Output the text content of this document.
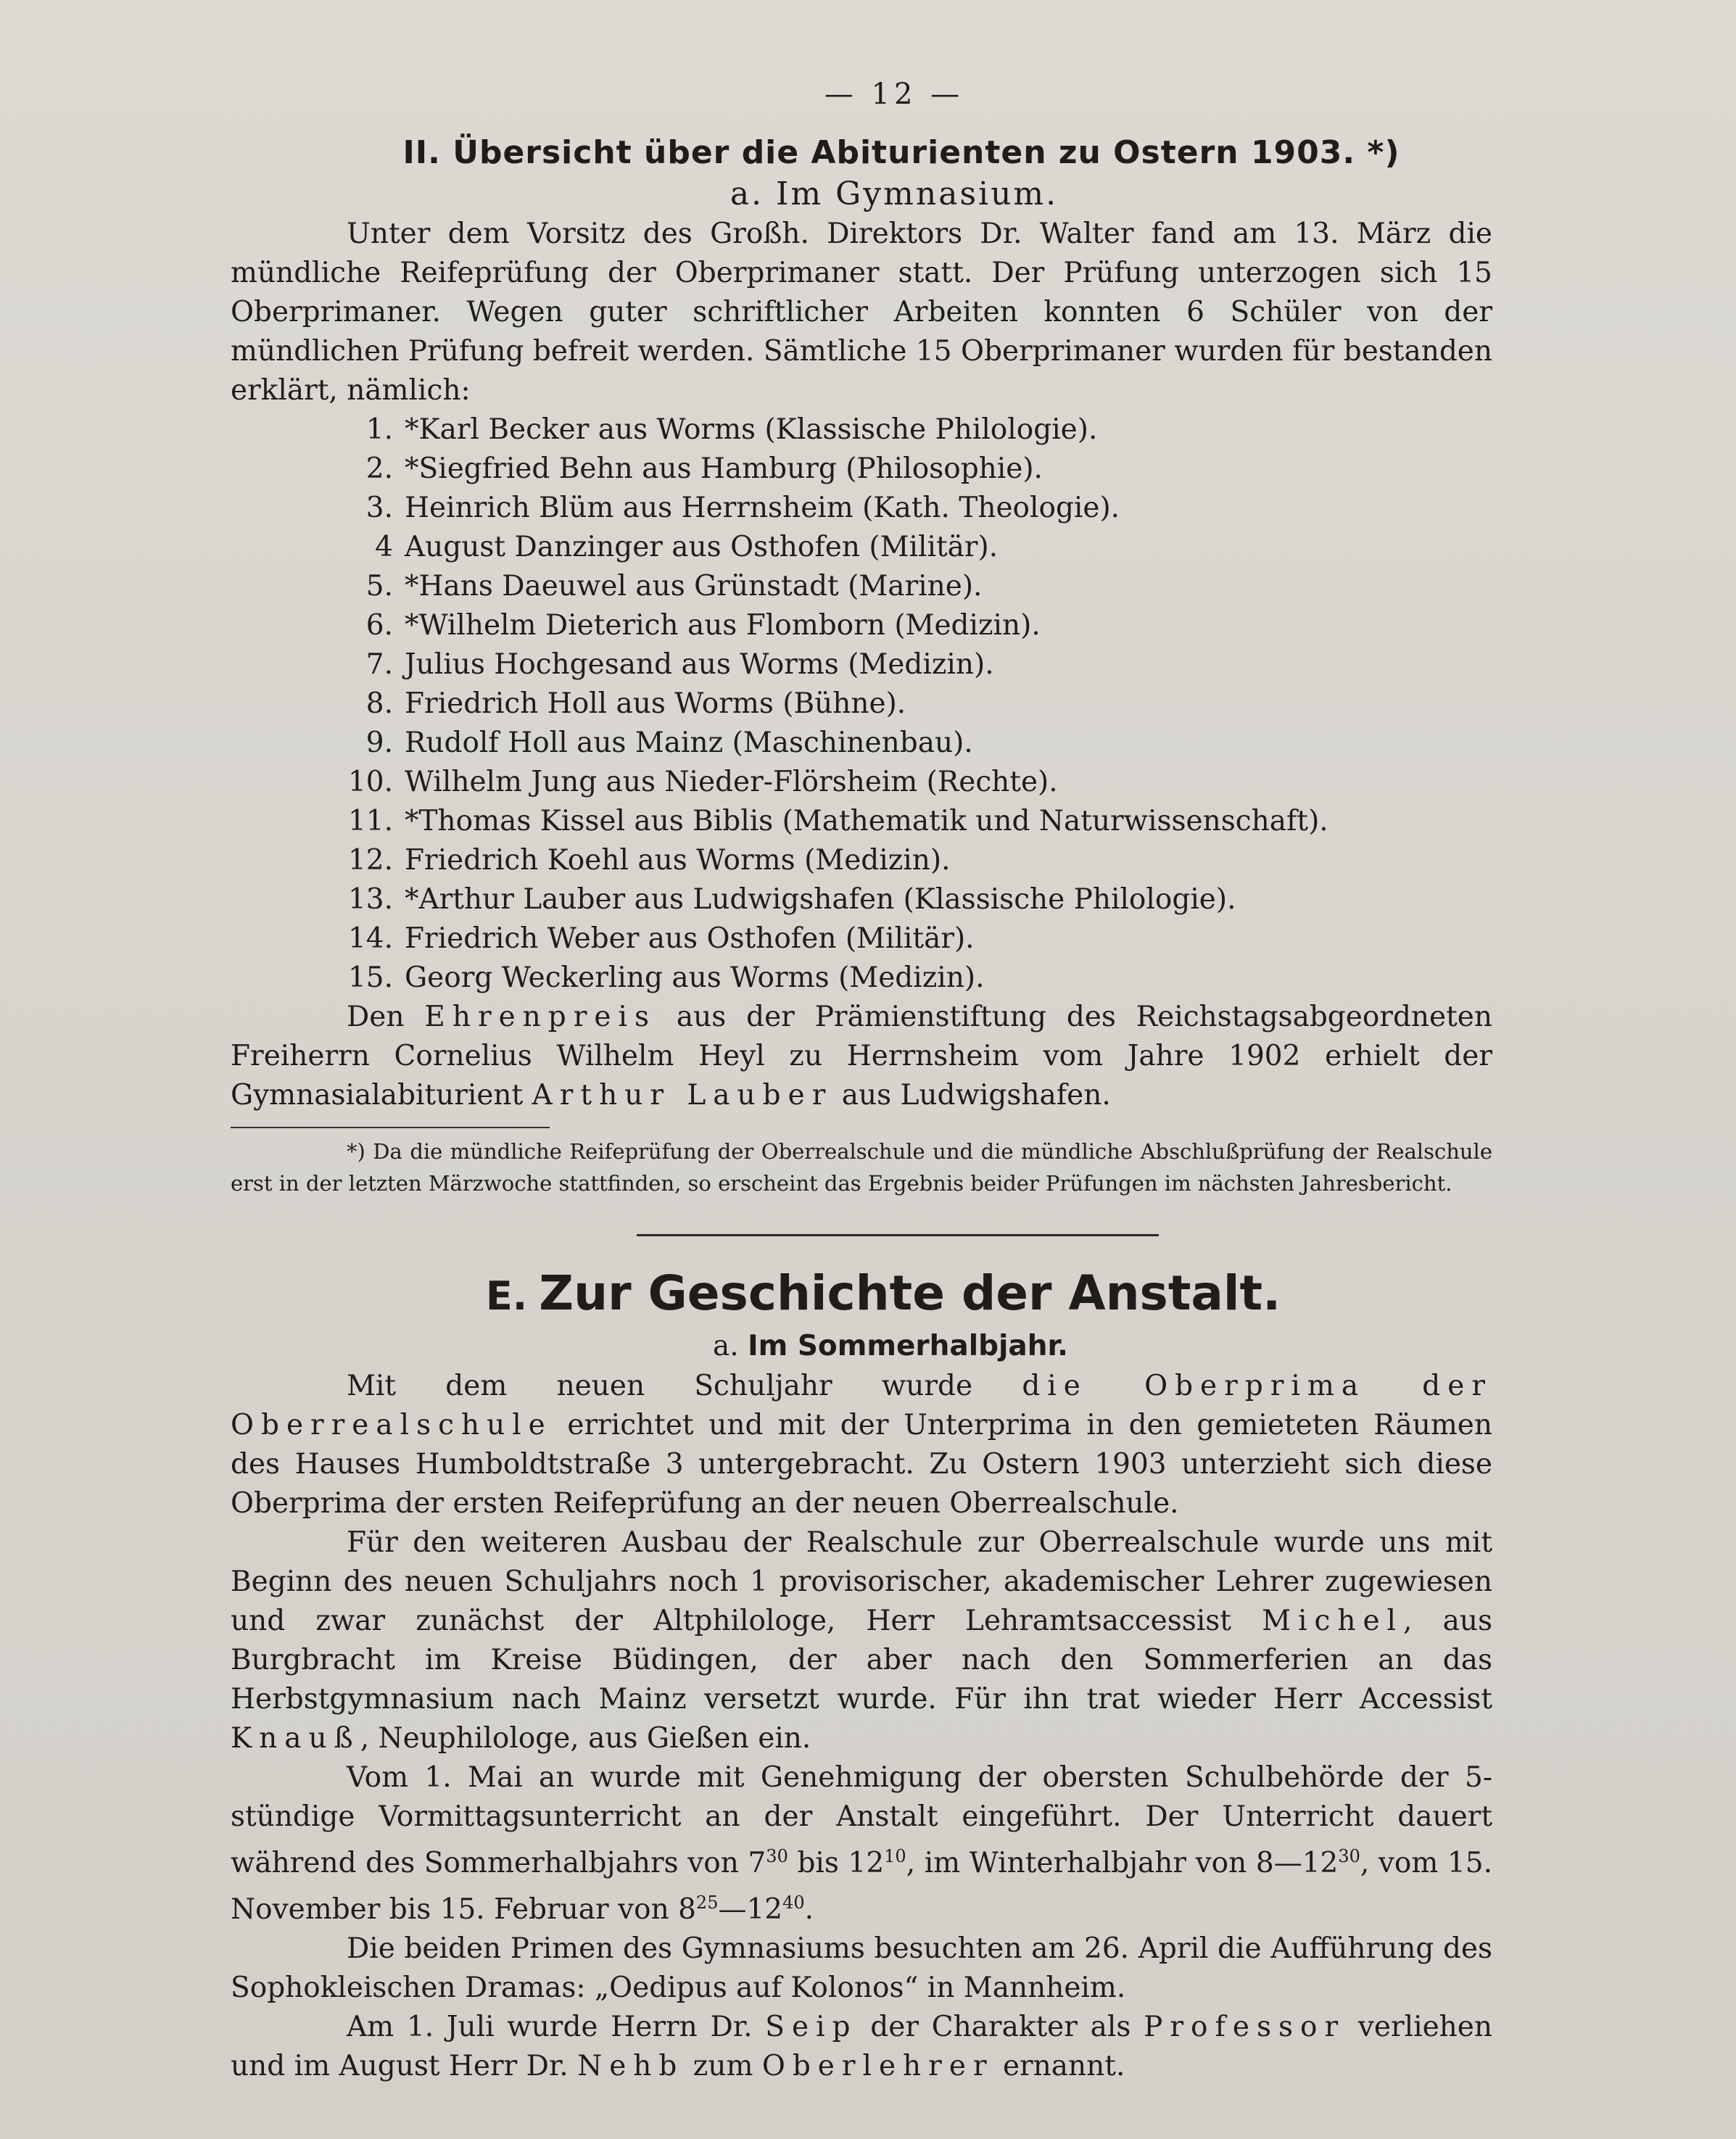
— 12 —
II. Übersicht über die Abiturienten zu Ostern 1903. *)
a. Im Gymnasium.

Unter dem Vorsitz des Großh. Direktors Dr. Walter fand am 13. März die mündliche Reifeprüfung der Oberprimaner statt. Der Prüfung unterzogen sich 15 Oberprimaner. Wegen guter schriftlicher Arbeiten konnten 6 Schüler von der mündlichen Prüfung befreit werden. Sämtliche 15 Oberprimaner wurden für bestanden erklärt, nämlich:

1. *Karl Becker aus Worms (Klassische Philologie).
2. *Siegfried Behn aus Hamburg (Philosophie).
3. Heinrich Blüm aus Herrnsheim (Kath. Theologie).
4 August Danzinger aus Osthofen (Militär).
5. *Hans Daeuwel aus Grünstadt (Marine).
6. *Wilhelm Dieterich aus Flomborn (Medizin).
7. Julius Hochgesand aus Worms (Medizin).
8. Friedrich Holl aus Worms (Bühne).
9. Rudolf Holl aus Mainz (Maschinenbau).
10. Wilhelm Jung aus Nieder-Flörsheim (Rechte).
11. *Thomas Kissel aus Biblis (Mathematik und Naturwissenschaft).
12. Friedrich Koehl aus Worms (Medizin).
13. *Arthur Lauber aus Ludwigshafen (Klassische Philologie).
14. Friedrich Weber aus Osthofen (Militär).
15. Georg Weckerling aus Worms (Medizin).

Den Ehrenpreis aus der Prämienstiftung des Reichstagsabgeordneten Freiherrn Cornelius Wilhelm Heyl zu Herrnsheim vom Jahre 1902 erhielt der Gymnasialabiturient Arthur Lauber aus Ludwigshafen.

*) Da die mündliche Reifeprüfung der Oberrealschule und die mündliche Abschlußprüfung der Realschule erst in der letzten Märzwoche stattfinden, so erscheint das Ergebnis beider Prüfungen im nächsten Jahresbericht.

E. Zur Geschichte der Anstalt.
a. Im Sommerhalbjahr.

Mit dem neuen Schuljahr wurde die Oberprima der Oberrealschule errichtet und mit der Unterprima in den gemieteten Räumen des Hauses Humboldtstraße 3 untergebracht. Zu Ostern 1903 unterzieht sich diese Oberprima der ersten Reifeprüfung an der neuen Oberrealschule.

Für den weiteren Ausbau der Realschule zur Oberrealschule wurde uns mit Beginn des neuen Schuljahrs noch 1 provisorischer, akademischer Lehrer zugewiesen und zwar zunächst der Altphilologe, Herr Lehramtsaccessist Michel, aus Burgbracht im Kreise Büdingen, der aber nach den Sommerferien an das Herbstgymnasium nach Mainz versetzt wurde. Für ihn trat wieder Herr Accessist Knauß, Neuphilologe, aus Gießen ein.

Vom 1. Mai an wurde mit Genehmigung der obersten Schulbehörde der 5-stündige Vormittagsunterricht an der Anstalt eingeführt. Der Unterricht dauert während des Sommerhalbjahrs von $7^{30}$ bis $12^{10}$, im Winterhalbjahr von $8—12^{30}$, vom 15. November bis 15. Februar von $8^{25}—12^{40}$.

Die beiden Primen des Gymnasiums besuchten am 26. April die Aufführung des Sophokleischen Dramas: „Oedipus auf Kolonos“ in Mannheim.

Am 1. Juli wurde Herrn Dr. Seip der Charakter als Professor verliehen und im August Herr Dr. Nehb zum Oberlehrer ernannt.
